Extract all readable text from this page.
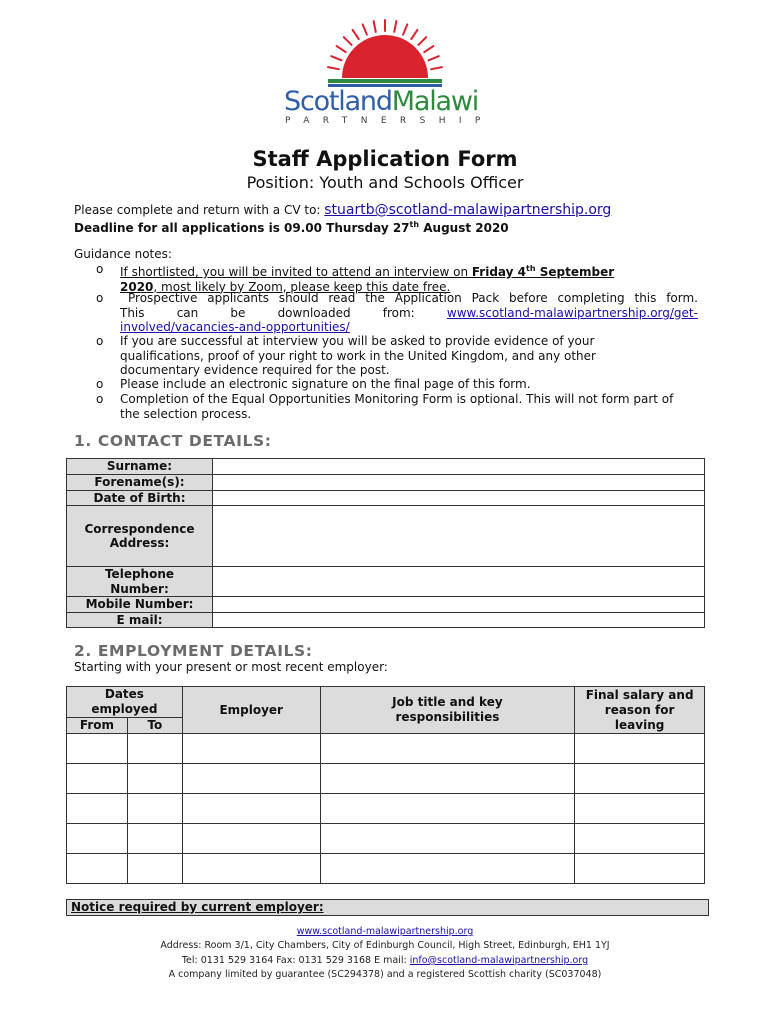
ScotlandMalawi
PARTNERSHIP
Staff Application Form
Position: Youth and Schools Officer
Please complete and return with a CV to: stuartb@scotland-malawipartnership.org
Deadline for all applications is 09.00 Thursday 27th August 2020
Guidance notes:
o If shortlisted, you will be invited to attend an interview on Friday 4th September
2020, most likely by Zoom, please keep this date free.
o	Prospective applicants should read the Application Pack before completing this form.
This	can	be	downloaded	from:	www.scotland-malawipartnership.org/get-
involved/vacancies-and-opportunities/
o If you are successful at interview you will be asked to provide evidence of your qualifications, proof of your right to work in the United Kingdom, and any other documentary evidence required for the post.
o Please include an electronic signature on the final page of this form.
o Completion of the Equal Opportunities Monitoring Form is optional. This will not form part of the selection process.
1. CONTACT DETAILS:
Surname:	
Forename(s):	
Date of Birth:	
Correspondence
Address:	
Telephone
Number:	
Mobile Number:	
E mail:	
2. EMPLOYMENT DETAILS:
Starting with your present or most recent employer:
Dates employed		Employer	Job title and key responsibilities	Final salary and reason for leaving
From	To			

Notice required by current employer:
www.scotland-malawipartnership.org
Address: Room 3/1, City Chambers, City of Edinburgh Council, High Street, Edinburgh, EH1 1YJ
Tel: 0131 529 3164 Fax: 0131 529 3168 E mail: info@scotland-malawipartnership.org
A company limited by guarantee (SC294378) and a registered Scottish charity (SC037048)
